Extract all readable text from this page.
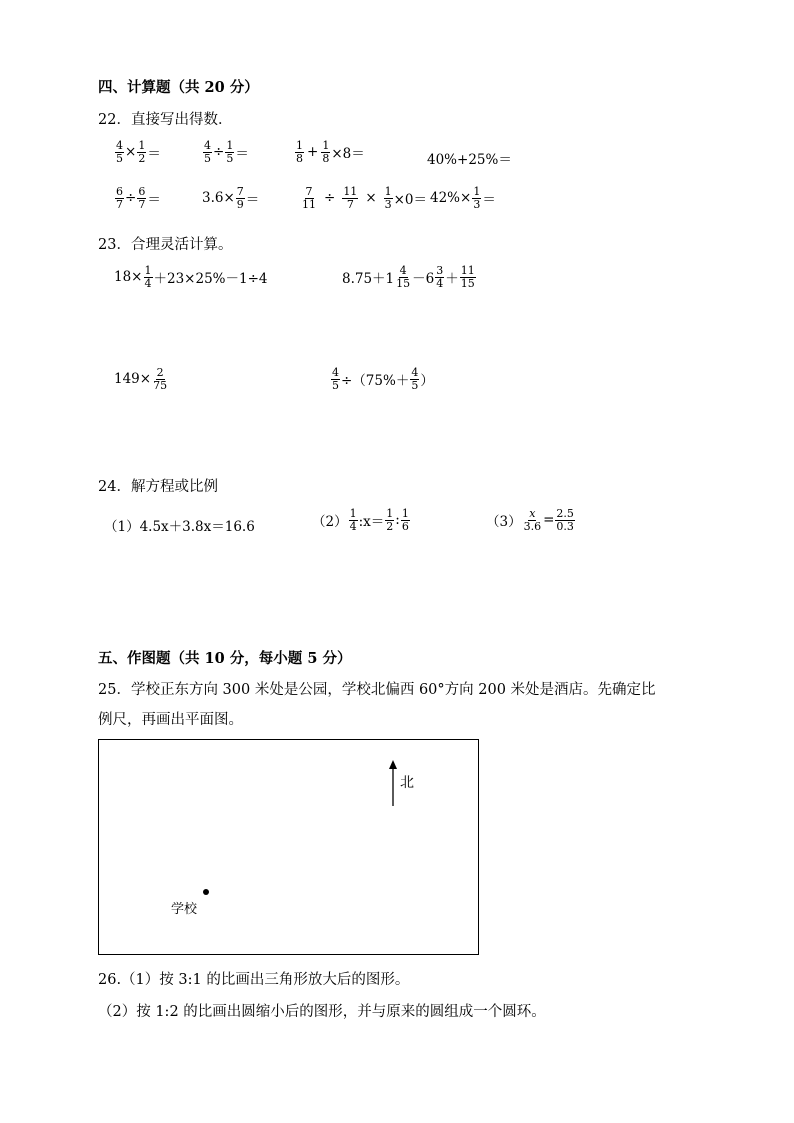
四、计算题（共 20 分）
22．直接写出得数．
$\frac{4}{5} \times \frac{1}{2}$ ＝	$\frac{4}{5} \div \frac{1}{5}$ ＝	$\frac{1}{8} + \frac{1}{8} \times 8=$	40%+25%＝
$\frac{6}{7} \div \frac{6}{7}$ ＝	$3.6\times \frac{7}{9}$ ＝	$\frac{7}{11} \div \frac{11}{7} \times \frac{1}{3} \times 0= 42\%\times \frac{1}{3}$ ＝
23．合理灵活计算。
$18\times \frac{1}{4} +23\times 25\%-1\div 4$	$8.75+1 \frac{4}{15} -6 \frac{3}{4} + \frac{11}{15}$
$149\times \frac{2}{75}$	$\frac{4}{5} \div(75\%+ \frac{4}{5}$ ）
24．解方程或比例
（1）4.5x＋3.8x＝16.6	$(2) \frac{1}{4}$ :x＝ $\frac{1}{2}$ : $\frac{1}{6}$	$(3) \frac{x}{3.6} = \frac{2.5}{0.3}$
五、作图题（共 10 分，每小题 5 分）
25．学校正东方向 300 米处是公园，学校北偏西 60°方向 200 米处是酒店。先确定比
例尺，再画出平面图。
北
学校
26.（1）按 3:1 的比画出三角形放大后的图形。
（2）按 1:2 的比画出圆缩小后的图形，并与原来的圆组成一个圆环。
